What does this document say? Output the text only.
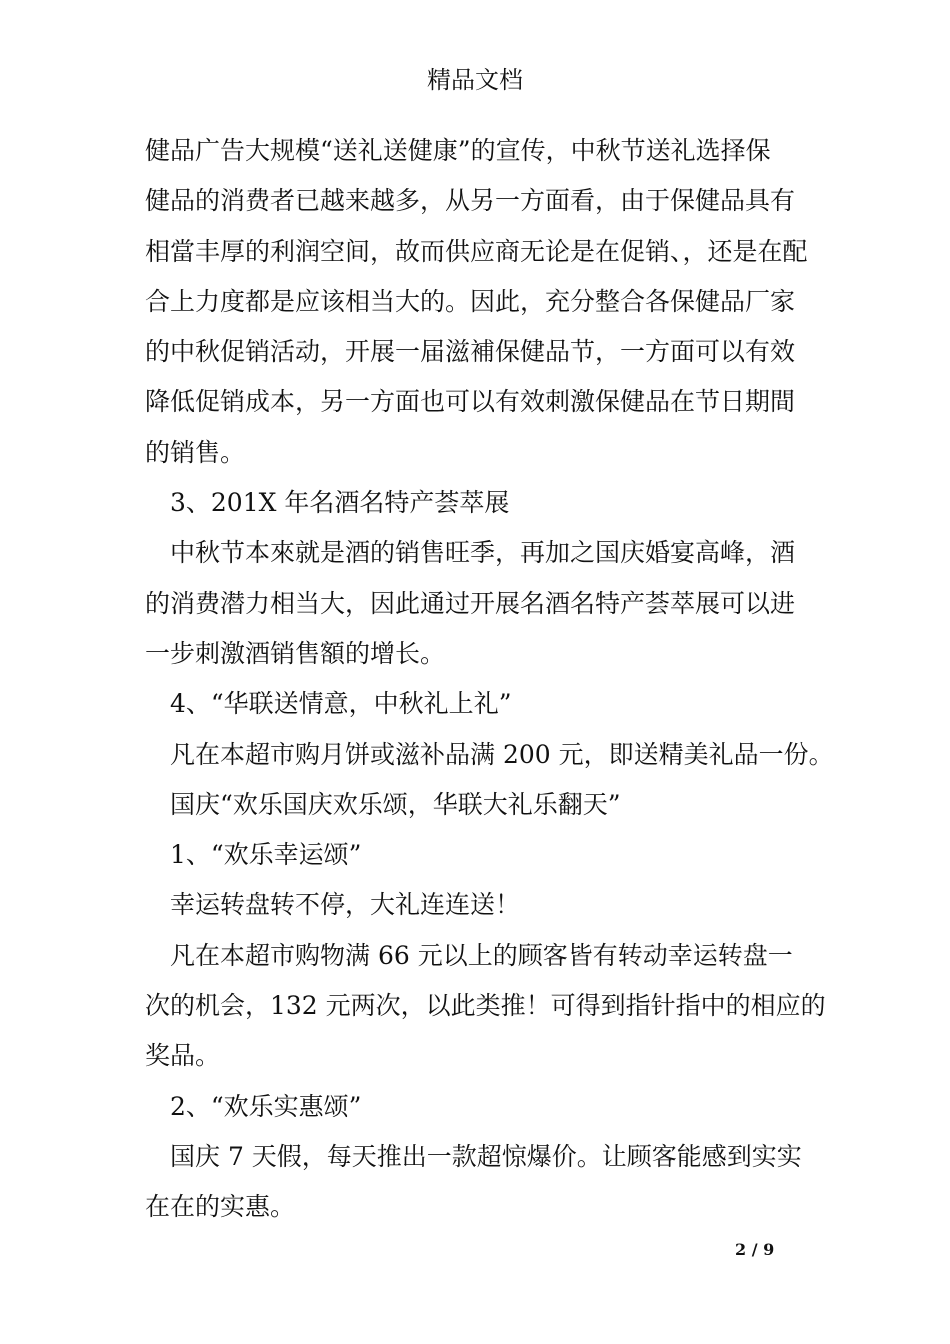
精品文档
健品广告大规模“送礼送健康”的宣传，中秋节送礼选择保
健品的消费者已越来越多，从另一方面看，由于保健品具有
相當丰厚的利润空间，故而供应商无论是在促销、，还是在配
合上力度都是应该相当大的。因此，充分整合各保健品厂家
的中秋促销活动，开展一届滋補保健品节，一方面可以有效
降低促销成本，另一方面也可以有效刺激保健品在节日期間
的销售。
3、201X 年名酒名特产荟萃展
中秋节本來就是酒的销售旺季，再加之国庆婚宴高峰，酒
的消费潜力相当大，因此通过开展名酒名特产荟萃展可以进
一步刺激酒销售額的增长。
4、“华联送情意，中秋礼上礼”
凡在本超市购月饼或滋补品满 200 元，即送精美礼品一份。
国庆“欢乐国庆欢乐颂，华联大礼乐翻天”
1、“欢乐幸运颂”
幸运转盘转不停，大礼连连送！
凡在本超市购物满 66 元以上的顾客皆有转动幸运转盘一
次的机会，132 元两次，以此类推！可得到指针指中的相应的
奖品。
2、“欢乐实惠颂”
国庆 7 天假，每天推出一款超惊爆价。让顾客能感到实实
在在的实惠。
2 / 9
